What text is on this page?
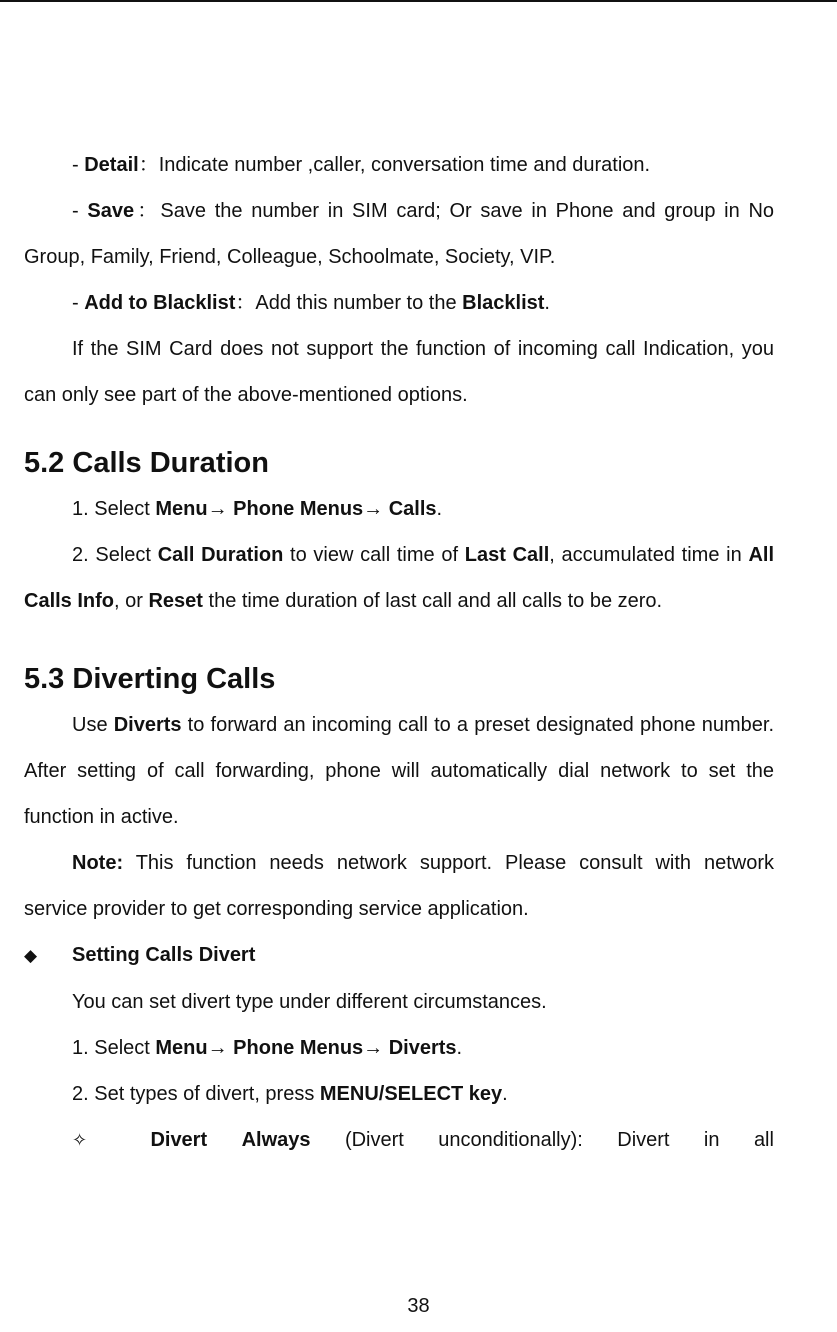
- Detail：Indicate number ,caller, conversation time and duration.

- Save：Save the number in SIM card; Or save in Phone and group in No Group, Family, Friend, Colleague, Schoolmate, Society, VIP.

- Add to Blacklist：Add this number to the Blacklist.

If the SIM Card does not support the function of incoming call Indication, you can only see part of the above-mentioned options.

5.2 Calls Duration

1. Select Menu→ Phone Menus→ Calls.

2. Select Call Duration to view call time of Last Call, accumulated time in All Calls Info, or Reset the time duration of last call and all calls to be zero.

5.3 Diverting Calls

Use Diverts to forward an incoming call to a preset designated phone number. After setting of call forwarding, phone will automatically dial network to set the function in active.

Note: This function needs network support. Please consult with network service provider to get corresponding service application.

◆ Setting Calls Divert

You can set divert type under different circumstances.

1. Select Menu→ Phone Menus→ Diverts.

2. Set types of divert, press MENU/SELECT key.

✧	Divert Always (Divert unconditionally): Divert in all

38
